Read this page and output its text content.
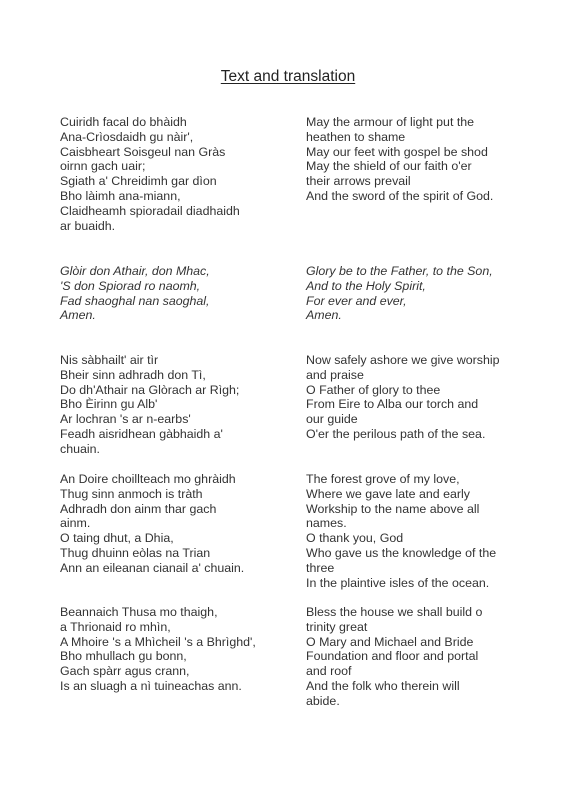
Text and translation
Cuiridh facal do bhàidh
Ana-Crìosdaidh gu nàir',
Caisbheart Soisgeul nan Gràs
oirnn gach uair;
Sgiath a' Chreidimh gar dìon
Bho làimh ana-miann,
Claidheamh spioradail diadhaidh
ar buaidh.
May the armour of light put the
heathen to shame
May our feet with gospel be shod
May the shield of our faith o'er
their arrows prevail
And the sword of the spirit of God.
Glòir don Athair, don Mhac,
'S don Spiorad ro naomh,
Fad shaoghal nan saoghal,
Amen.
Glory be to the Father, to the Son,
And to the Holy Spirit,
For ever and ever,
Amen.
Nis sàbhailt' air tìr
Bheir sinn adhradh don Tì,
Do dh'Athair na Glòrach ar Rìgh;
Bho Èirinn gu Alb'
Ar lochran 's ar n-earbs'
Feadh aisridhean gàbhaidh a'
chuain.
Now safely ashore we give worship
and praise
O Father of glory to thee
From Eire to Alba our torch and
our guide
O'er the perilous path of the sea.
An Doire choillteach mo ghràidh
Thug sinn anmoch is tràth
Adhradh don ainm thar gach
ainm.
O taing dhut, a Dhia,
Thug dhuinn eòlas na Trian
Ann an eileanan cianail a' chuain.
The forest grove of my love,
Where we gave late and early
Workship to the name above all
names.
O thank you, God
Who gave us the knowledge of the
three
In the plaintive isles of the ocean.
Beannaich Thusa mo thaigh,
a Thrionaid ro mhìn,
A Mhoire 's a Mhìcheil 's a Bhrìghd',
Bho mhullach gu bonn,
Gach spàrr agus crann,
Is an sluagh a nì tuineachas ann.
Bless the house we shall build o
trinity great
O Mary and Michael and Bride
Foundation and floor and portal
and roof
And the folk who therein will
abide.
